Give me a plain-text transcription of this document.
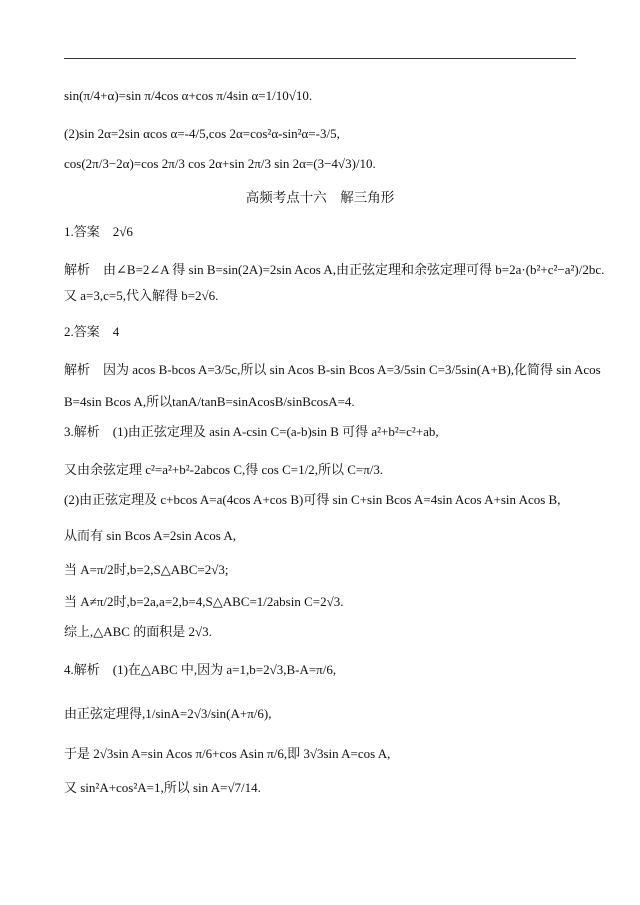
sin(π/4+α)=sin π/4cos α+cos π/4sin α=1/10√10.
(2)sin 2α=2sin αcos α=-4/5,cos 2α=cos²α-sin²α=-3/5,
cos(2π/3−2α)=cos 2π/3 cos 2α+sin 2π/3 sin 2α=(3−4√3)/10.
高频考点十六　解三角形
1.答案　2√6
解析　由∠B=2∠A 得 sin B=sin(2A)=2sin Acos A,由正弦定理和余弦定理可得 b=2a·(b²+c²−a²)/2bc.
又 a=3,c=5,代入解得 b=2√6.
2.答案　4
解析　因为 acos B-bcos A=3/5c,所以 sin Acos B-sin Bcos A=3/5sin C=3/5sin(A+B),化简得 sin Acos
B=4sin Bcos A,所以tanA/tanB=sinAcosB/sinBcosA=4.
3.解析　(1)由正弦定理及 asin A-csin C=(a-b)sin B 可得 a²+b²=c²+ab,
又由余弦定理 c²=a²+b²-2abcos C,得 cos C=1/2,所以 C=π/3.
(2)由正弦定理及 c+bcos A=a(4cos A+cos B)可得 sin C+sin Bcos A=4sin Acos A+sin Acos B,
从而有 sin Bcos A=2sin Acos A,
当 A=π/2时,b=2,S△ABC=2√3;
当 A≠π/2时,b=2a,a=2,b=4,S△ABC=1/2absin C=2√3.
综上,△ABC 的面积是 2√3.
4.解析　(1)在△ABC 中,因为 a=1,b=2√3,B-A=π/6,
由正弦定理得,1/sinA=2√3/sin(A+π/6),
于是 2√3sin A=sin Acos π/6+cos Asin π/6,即 3√3sin A=cos A,
又 sin²A+cos²A=1,所以 sin A=√7/14.
